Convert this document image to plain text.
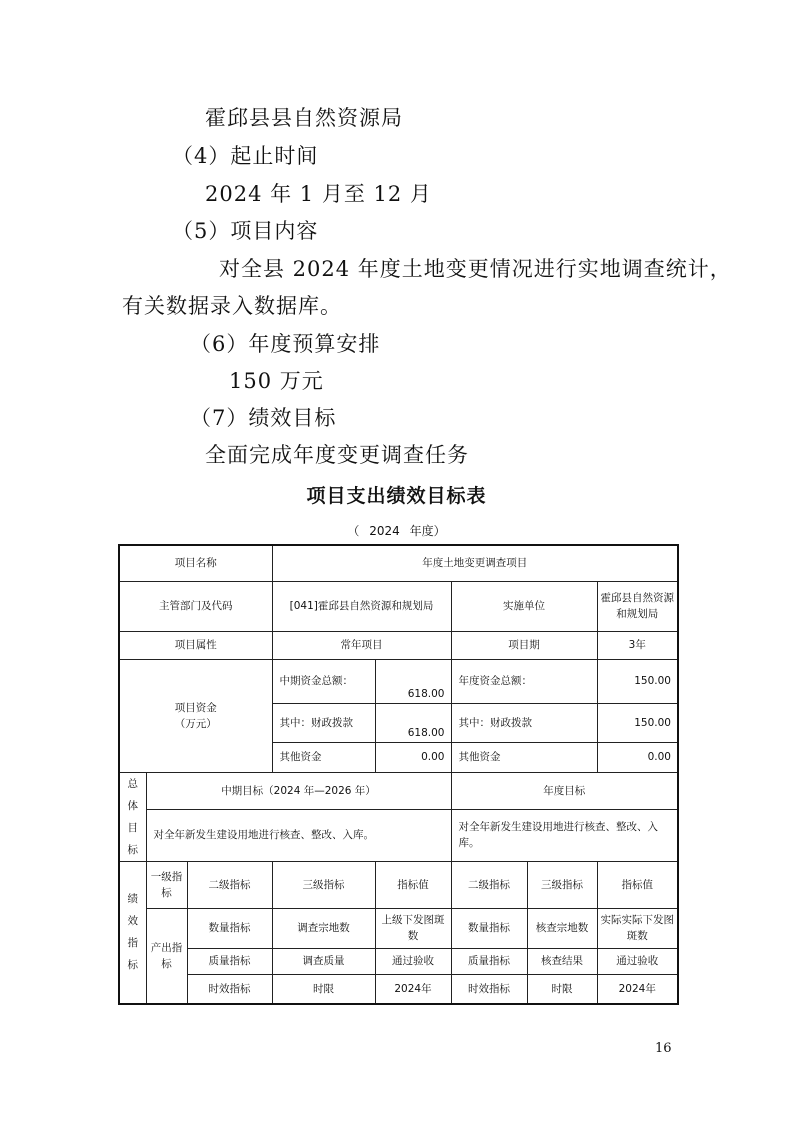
霍邱县县自然资源局
（4）起止时间
2024 年 1 月至 12 月
（5）项目内容
对全县 2024 年度土地变更情况进行实地调查统计，
有关数据录入数据库。
（6）年度预算安排
150 万元
（7）绩效目标
全面完成年度变更调查任务
项目支出绩效目标表
（ 2024 年度）
项目名称			年度土地变更调查项目				
主管部门及代码			[041]霍邱县自然资源和规划局		实施单位		霍邱县自然资源和规划局
项目属性			常年项目		项目期		3年

项目资金
（万元）			中期资金总额：	618.00	年度资金总额：		150.00
			其中：财政拨款	618.00	其中：财政拨款		150.00
			其他资金	0.00	其他资金		0.00

总
体
目
标	中期目标（2024 年—2026 年）				年度目标		
	对全年新发生建设用地进行核查、整改、入库。				对全年新发生建设用地进行核查、整改、入库。		

绩
效
指
标	一级指标	二级指标	三级指标	指标值	二级指标	三级指标	指标值
	产出指标	数量指标	调查宗地数	上级下发图斑数	数量指标	核查宗地数	实际实际下发图斑数
		质量指标	调查质量	通过验收	质量指标	核查结果	通过验收
		时效指标	时限	2024年	时效指标	时限	2024年
16
